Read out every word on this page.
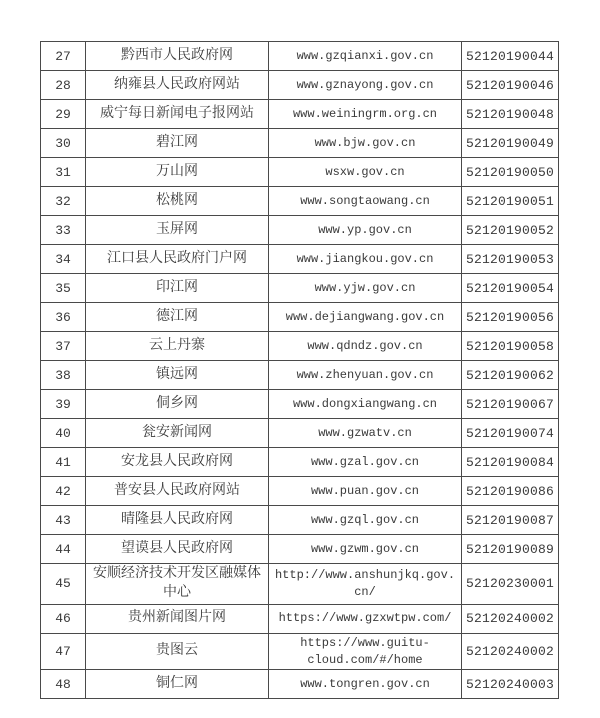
27	黔西市人民政府网	www.gzqianxi.gov.cn	52120190044
28	纳雍县人民政府网站	www.gznayong.gov.cn	52120190046
29	威宁每日新闻电子报网站	www.weiningrm.org.cn	52120190048
30	碧江网	www.bjw.gov.cn	52120190049
31	万山网	wsxw.gov.cn	52120190050
32	松桃网	www.songtaowang.cn	52120190051
33	玉屏网	www.yp.gov.cn	52120190052
34	江口县人民政府门户网	www.jiangkou.gov.cn	52120190053
35	印江网	www.yjw.gov.cn	52120190054
36	德江网	www.dejiangwang.gov.cn	52120190056
37	云上丹寨	www.qdndz.gov.cn	52120190058
38	镇远网	www.zhenyuan.gov.cn	52120190062
39	侗乡网	www.dongxiangwang.cn	52120190067
40	瓮安新闻网	www.gzwatv.cn	52120190074
41	安龙县人民政府网	www.gzal.gov.cn	52120190084
42	普安县人民政府网站	www.puan.gov.cn	52120190086
43	晴隆县人民政府网	www.gzql.gov.cn	52120190087
44	望谟县人民政府网	www.gzwm.gov.cn	52120190089
45	安顺经济技术开发区融媒体中心	http://www.anshunjkq.gov.cn/	52120230001
46	贵州新闻图片网	https://www.gzxwtpw.com/	52120240002
47	贵图云	https://www.guitu-cloud.com/#/home	52120240002
48	铜仁网	www.tongren.gov.cn	52120240003
